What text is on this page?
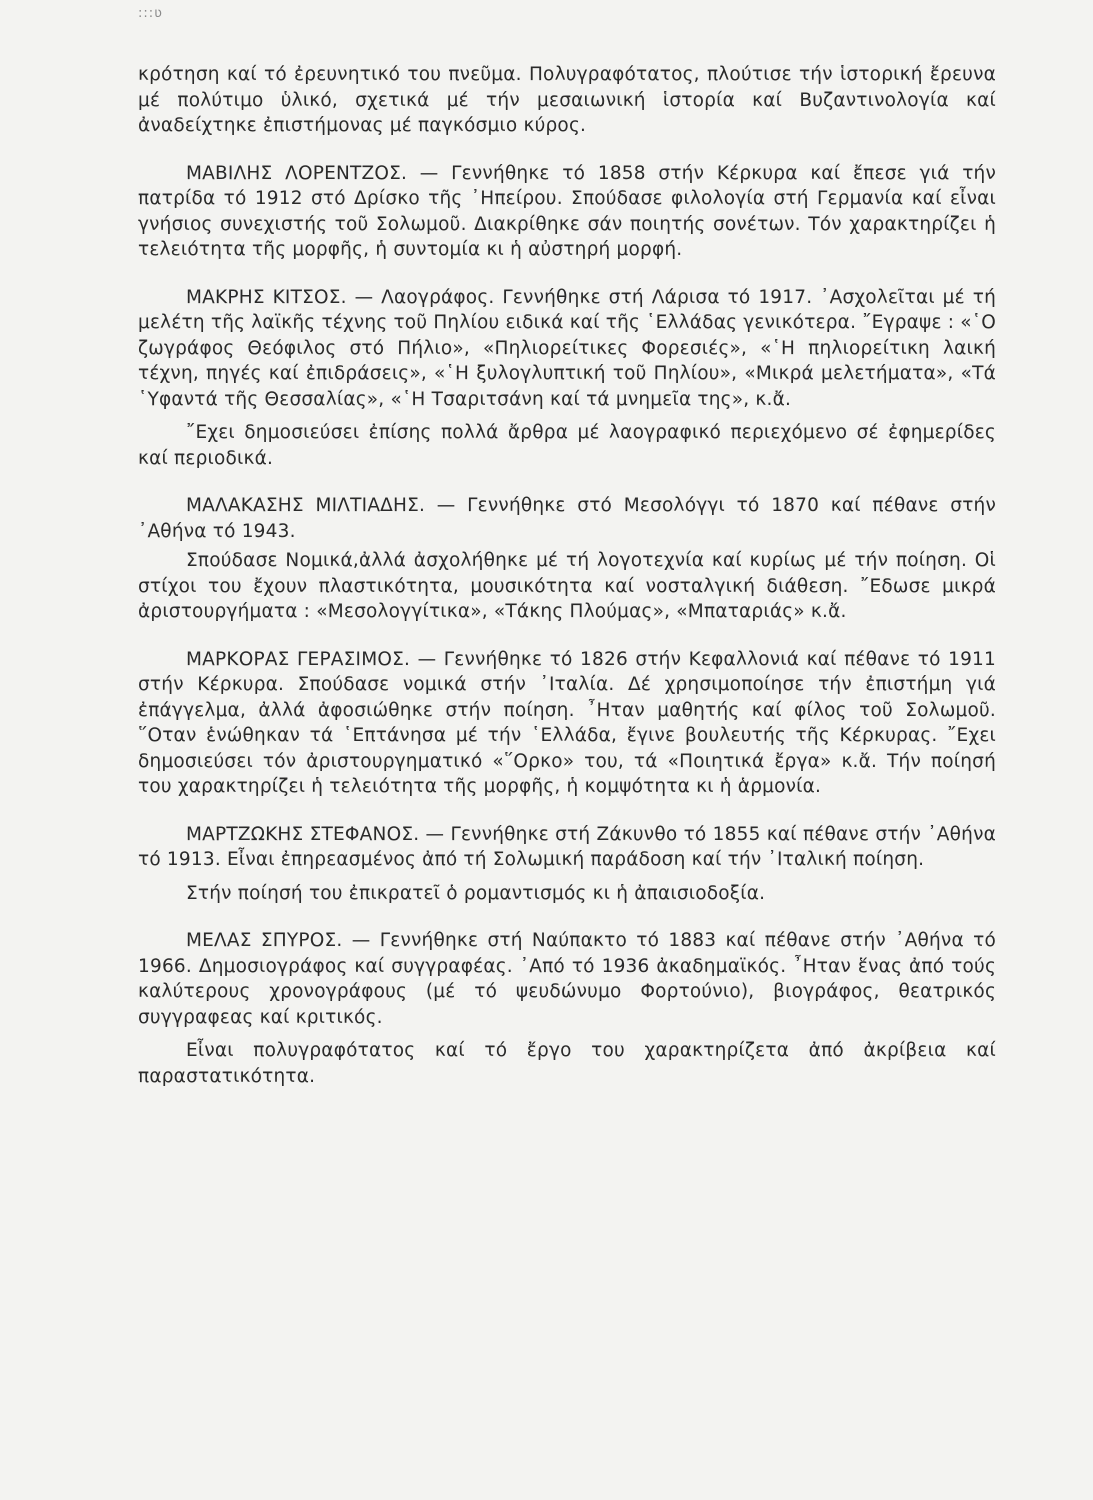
:::ʋ

κρότηση καί τό ἐρευνητικό του πνεῦμα. Πολυγραφότατος, πλούτισε τήν ἱστορική ἔρευνα μέ πολύτιμο ὑλικό, σχετικά μέ τήν μεσαιωνική ἱστορία καί Βυζαντινολογία καί ἀναδείχτηκε ἐπιστήμονας μέ παγκόσμιο κύρος.

ΜΑΒΙΛΗΣ ΛΟΡΕΝΤΖΟΣ. — Γεννήθηκε τό 1858 στήν Κέρκυρα καί ἔπεσε γιά τήν πατρίδα τό 1912 στό Δρίσκο τῆς ᾿Ηπείρου. Σπούδασε φιλολογία στή Γερμανία καί εἶναι γνήσιος συνεχιστής τοῦ Σολωμοῦ. Διακρίθηκε σάν ποιητής σονέτων. Τόν χαρακτηρίζει ἡ τελειότητα τῆς μορφῆς, ἡ συντομία κι ἡ αὐστηρή μορφή.

ΜΑΚΡΗΣ ΚΙΤΣΟΣ. — Λαογράφος. Γεννήθηκε στή Λάρισα τό 1917. ᾿Ασχολεῖται μέ τή μελέτη τῆς λαϊκῆς τέχνης τοῦ Πηλίου ειδικά καί τῆς ῾Ελλάδας γενικότερα. ῎Εγραψε : «῾Ο ζωγράφος Θεόφιλος στό Πήλιο», «Πηλιορείτικες Φορεσιές», «῾Η πηλιορείτικη λαική τέχνη, πηγές καί ἐπιδράσεις», «῾Η ξυλογλυπτική τοῦ Πηλίου», «Μικρά μελετήματα», «Τά ῾Υφαντά τῆς Θεσσαλίας», «῾Η Τσαριτσάνη καί τά μνημεῖα της», κ.ἄ.

῎Εχει δημοσιεύσει ἐπίσης πολλά ἄρθρα μέ λαογραφικό περιεχόμενο σέ ἐφημερίδες καί περιοδικά.

ΜΑΛΑΚΑΣΗΣ ΜΙΛΤΙΑΔΗΣ. — Γεννήθηκε στό Μεσολόγγι τό 1870 καί πέθανε στήν ᾿Αθήνα τό 1943.

Σπούδασε Νομικά,ἀλλά ἀσχολήθηκε μέ τή λογοτεχνία καί κυρίως μέ τήν ποίηση. Οἱ στίχοι του ἔχουν πλαστικότητα, μουσικότητα καί νοσταλγική διάθεση. ῎Εδωσε μικρά ἀριστουργήματα : «Μεσολογγίτικα», «Τάκης Πλούμας», «Μπαταριάς» κ.ἄ.

ΜΑΡΚΟΡΑΣ ΓΕΡΑΣΙΜΟΣ. — Γεννήθηκε τό 1826 στήν Κεφαλλονιά καί πέθανε τό 1911 στήν Κέρκυρα. Σπούδασε νομικά στήν ᾿Ιταλία. Δέ χρησιμοποίησε τήν ἐπιστήμη γιά ἐπάγγελμα, ἀλλά ἀφοσιώθηκε στήν ποίηση. ῏Ηταν μαθητής καί φίλος τοῦ Σολωμοῦ. ῞Οταν ἑνώθηκαν τά ῾Επτάνησα μέ τήν ῾Ελλάδα, ἔγινε βουλευτής τῆς Κέρκυρας. ῎Εχει δημοσιεύσει τόν ἀριστουργηματικό «῞Ορκο» του, τά «Ποιητικά ἔργα» κ.ἄ. Τήν ποίησή του χαρακτηρίζει ἡ τελειότητα τῆς μορφῆς, ἡ κομψότητα κι ἡ ἁρμονία.

ΜΑΡΤΖΩΚΗΣ ΣΤΕΦΑΝΟΣ. — Γεννήθηκε στή Ζάκυνθο τό 1855 καί πέθανε στήν ᾿Αθήνα τό 1913. Εἶναι ἐπηρεασμένος ἀπό τή Σολωμική παράδοση καί τήν ᾿Ιταλική ποίηση.

Στήν ποίησή του ἐπικρατεῖ ὁ ρομαντισμός κι ἡ ἀπαισιοδοξία.

ΜΕΛΑΣ ΣΠΥΡΟΣ. — Γεννήθηκε στή Ναύπακτο τό 1883 καί πέθανε στήν ᾿Αθήνα τό 1966. Δημοσιογράφος καί συγγραφέας. ᾿Από τό 1936 ἀκαδημαϊκός. ῏Ηταν ἕνας ἀπό τούς καλύτερους χρονογράφους (μέ τό ψευδώνυμο Φορτούνιο), βιογράφος, θεατρικός συγγραφεας καί κριτικός.

Εἶναι πολυγραφότατος καί τό ἔργο του χαρακτηρίζετα ἀπό ἀκρίβεια καί παραστατικότητα.
